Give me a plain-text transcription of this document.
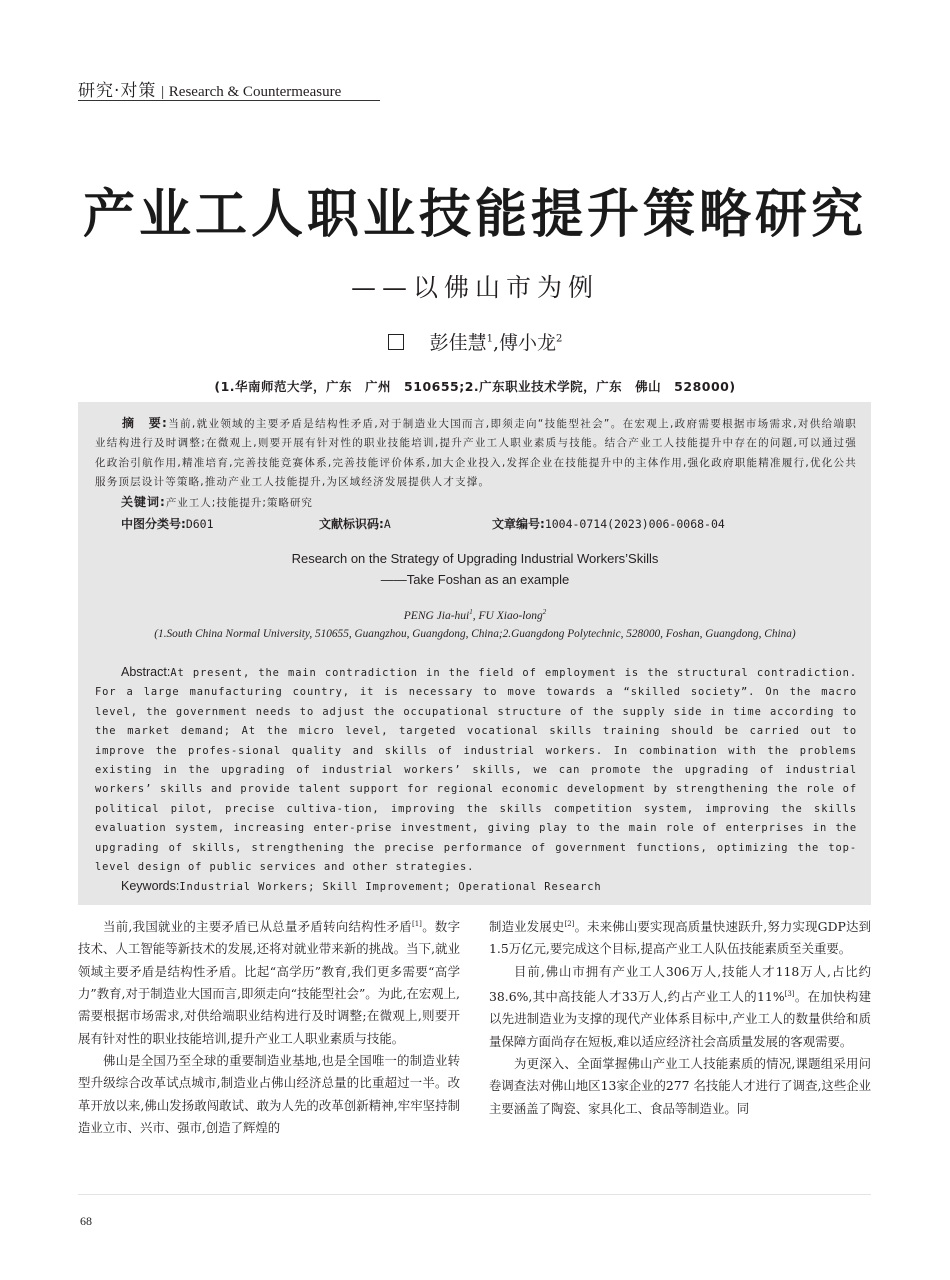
研究·对策 | Research & Countermeasure
产业工人职业技能提升策略研究
——以佛山市为例
彭佳慧$^1$,傅小龙$^2$
(1.华南师范大学，广东　广州　510655;2.广东职业技术学院，广东　佛山　528000)
摘　要:当前,就业领域的主要矛盾是结构性矛盾,对于制造业大国而言,即须走向“技能型社会”。在宏观上,政府需要根据市场需求,对供给端职业结构进行及时调整;在微观上,则要开展有针对性的职业技能培训,提升产业工人职业素质与技能。结合产业工人技能提升中存在的问题,可以通过强化政治引航作用,精准培育,完善技能竞赛体系,完善技能评价体系,加大企业投入,发挥企业在技能提升中的主体作用,强化政府职能精准履行,优化公共服务顶层设计等策略,推动产业工人技能提升,为区域经济发展提供人才支撑。
关键词:产业工人;技能提升;策略研究
中图分类号:D601	文献标识码:A	文章编号:1004-0714(2023)006-0068-04
Research on the Strategy of Upgrading Industrial Workers’Skills
——Take Foshan as an example
PENG Jia-hui$^1$, FU Xiao-long$^2$
(1.South China Normal University, 510655, Guangzhou, Guangdong, China;2.Guangdong Polytechnic, 528000, Foshan, Guangdong, China)
Abstract:At present, the main contradiction in the field of employment is the structural contradiction. For a large manufacturing country, it is necessary to move towards a “skilled society”. On the macro level, the government needs to adjust the occupational structure of the supply side in time according to the market demand; At the micro level, targeted vocational skills training should be carried out to improve the profes-sional quality and skills of industrial workers. In combination with the problems existing in the upgrading of industrial workers’ skills, we can promote the upgrading of industrial workers’ skills and provide talent support for regional economic development by strengthening the role of political pilot, precise cultiva-tion, improving the skills competition system, improving the skills evaluation system, increasing enter-prise investment, giving play to the main role of enterprises in the upgrading of skills, strengthening the precise performance of government functions, optimizing the top-level design of public services and other strategies.
Keywords:Industrial Workers; Skill Improvement; Operational Research

当前,我国就业的主要矛盾已从总量矛盾转向结构性矛盾[1]。数字技术、人工智能等新技术的发展,还将对就业带来新的挑战。当下,就业领域主要矛盾是结构性矛盾。比起“高学历”教育,我们更多需要“高学力”教育,对于制造业大国而言,即须走向“技能型社会”。为此,在宏观上,需要根据市场需求,对供给端职业结构进行及时调整;在微观上,则要开展有针对性的职业技能培训,提升产业工人职业素质与技能。

佛山是全国乃至全球的重要制造业基地,也是全国唯一的制造业转型升级综合改革试点城市,制造业占佛山经济总量的比重超过一半。改革开放以来,佛山发扬敢闯敢试、敢为人先的改革创新精神,牢牢坚持制造业立市、兴市、强市,创造了辉煌的

制造业发展史[2]。未来佛山要实现高质量快速跃升,努力实现GDP达到1.5万亿元,要完成这个目标,提高产业工人队伍技能素质至关重要。

目前,佛山市拥有产业工人306万人,技能人才118万人,占比约38.6%,其中高技能人才33万人,约占产业工人的11%[3]。在加快构建以先进制造业为支撑的现代产业体系目标中,产业工人的数量供给和质量保障方面尚存在短板,难以适应经济社会高质量发展的客观需要。

为更深入、全面掌握佛山产业工人技能素质的情况,课题组采用问卷调查法对佛山地区13家企业的277 名技能人才进行了调查,这些企业主要涵盖了陶瓷、家具化工、食品等制造业。同

68
